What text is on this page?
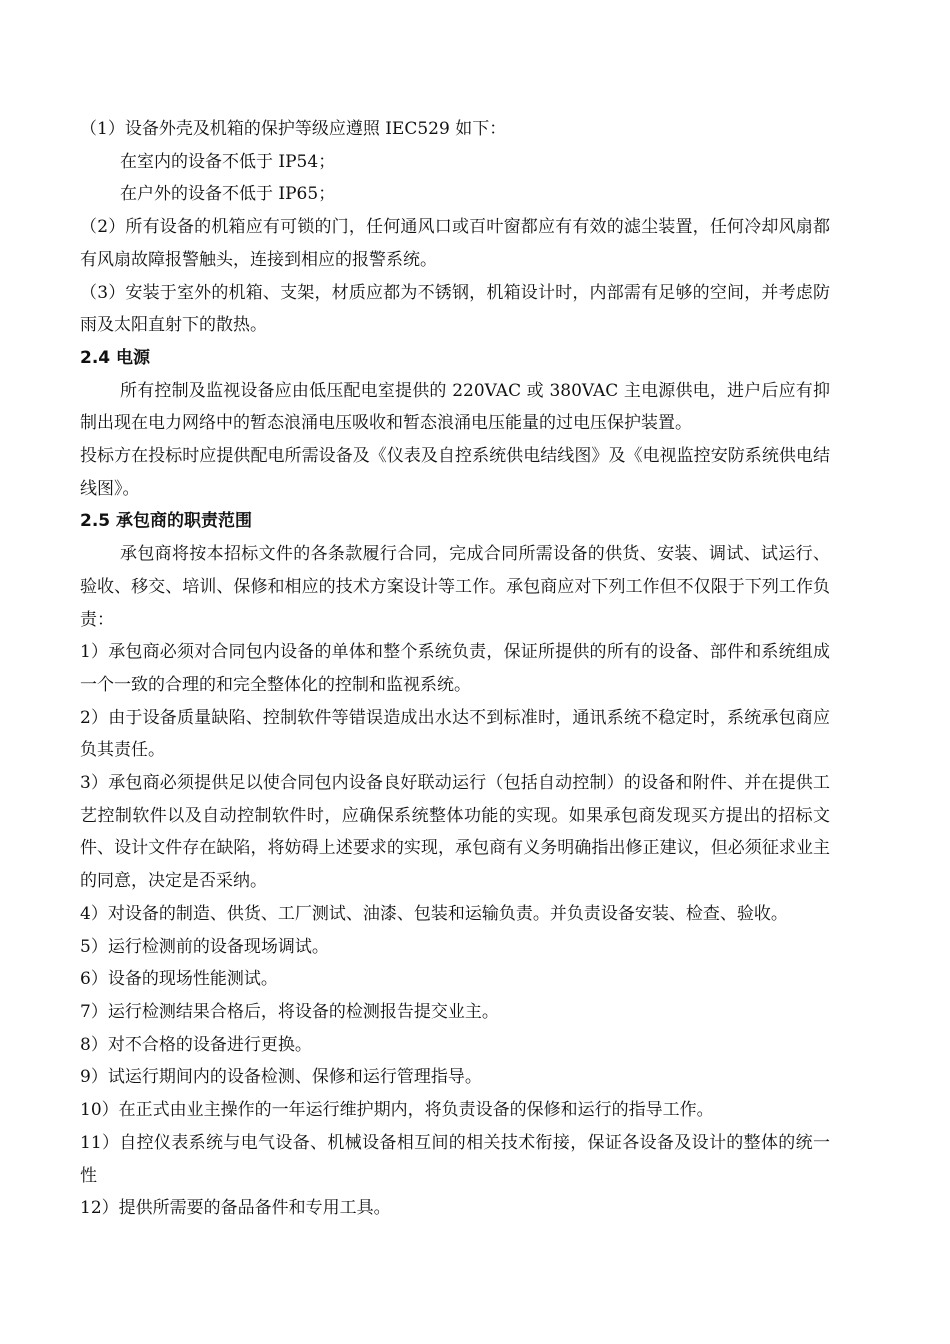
（1）设备外壳及机箱的保护等级应遵照 IEC529 如下：

在室内的设备不低于 IP54；

在户外的设备不低于 IP65；

（2）所有设备的机箱应有可锁的门，任何通风口或百叶窗都应有有效的滤尘装置，任何冷却风扇都有风扇故障报警触头，连接到相应的报警系统。

（3）安装于室外的机箱、支架，材质应都为不锈钢，机箱设计时，内部需有足够的空间，并考虑防雨及太阳直射下的散热。

2.4 电源

所有控制及监视设备应由低压配电室提供的 220VAC 或 380VAC 主电源供电，进户后应有抑制出现在电力网络中的暂态浪涌电压吸收和暂态浪涌电压能量的过电压保护装置。

投标方在投标时应提供配电所需设备及《仪表及自控系统供电结线图》及《电视监控安防系统供电结线图》。

2.5 承包商的职责范围

承包商将按本招标文件的各条款履行合同，完成合同所需设备的供货、安装、调试、试运行、验收、移交、培训、保修和相应的技术方案设计等工作。承包商应对下列工作但不仅限于下列工作负责：

1）承包商必须对合同包内设备的单体和整个系统负责，保证所提供的所有的设备、部件和系统组成一个一致的合理的和完全整体化的控制和监视系统。

2）由于设备质量缺陷、控制软件等错误造成出水达不到标准时，通讯系统不稳定时，系统承包商应负其责任。

3）承包商必须提供足以使合同包内设备良好联动运行（包括自动控制）的设备和附件、并在提供工艺控制软件以及自动控制软件时，应确保系统整体功能的实现。如果承包商发现买方提出的招标文件、设计文件存在缺陷，将妨碍上述要求的实现，承包商有义务明确指出修正建议，但必须征求业主的同意，决定是否采纳。

4）对设备的制造、供货、工厂测试、油漆、包装和运输负责。并负责设备安装、检查、验收。

5）运行检测前的设备现场调试。

6）设备的现场性能测试。

7）运行检测结果合格后，将设备的检测报告提交业主。

8）对不合格的设备进行更换。

9）试运行期间内的设备检测、保修和运行管理指导。

10）在正式由业主操作的一年运行维护期内，将负责设备的保修和运行的指导工作。

11）自控仪表系统与电气设备、机械设备相互间的相关技术衔接，保证各设备及设计的整体的统一性

12）提供所需要的备品备件和专用工具。
